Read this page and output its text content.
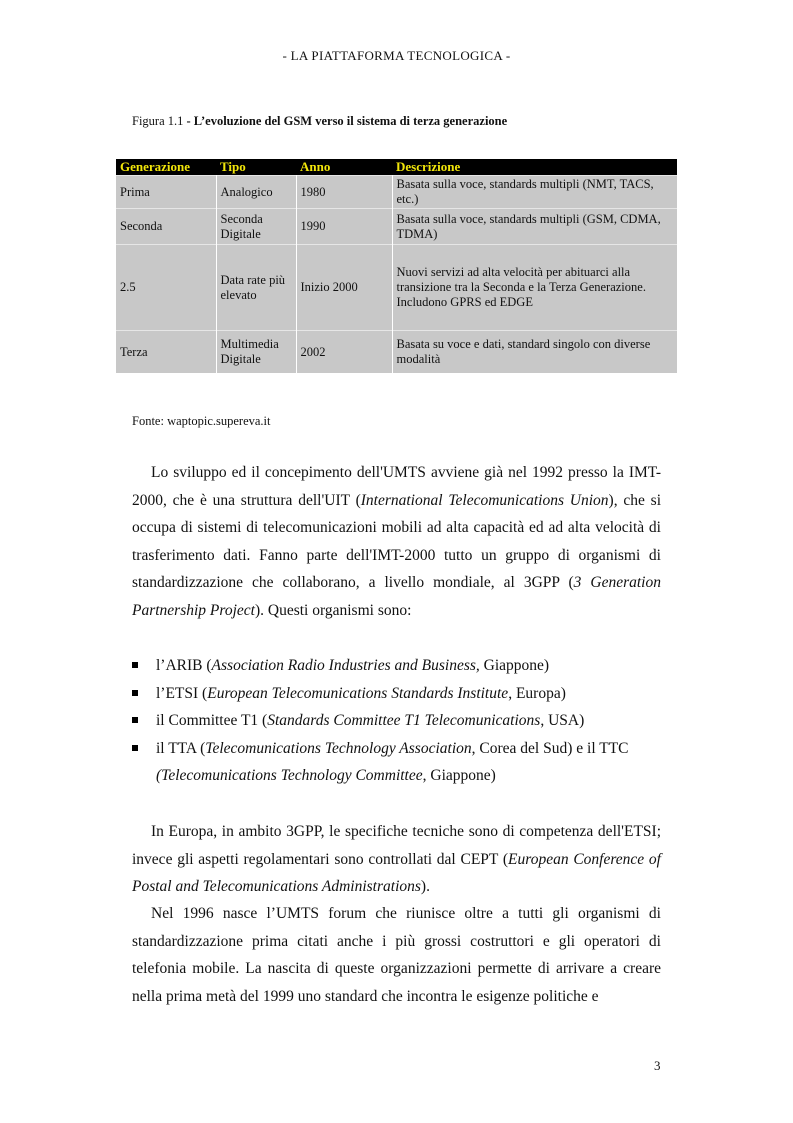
- LA PIATTAFORMA TECNOLOGICA -
Figura 1.1 - L’evoluzione del GSM verso il sistema di terza generazione
Generazione	Tipo	Anno	Descrizione
Prima	Analogico	1980	Basata sulla voce, standards multipli (NMT, TACS, etc.)
Seconda	Seconda Digitale	1990	Basata sulla voce, standards multipli (GSM, CDMA, TDMA)
2.5	Data rate più elevato	Inizio 2000	Nuovi servizi ad alta velocità per abituarci alla transizione tra la Seconda e la Terza Generazione. Includono GPRS ed EDGE
Terza	Multimedia Digitale	2002	Basata su voce e dati, standard singolo con diverse modalità
Fonte: waptopic.supereva.it
Lo sviluppo ed il concepimento dell'UMTS avviene già nel 1992 presso la IMT-2000, che è una struttura dell'UIT (International Telecomunications Union), che si occupa di sistemi di telecomunicazioni mobili ad alta capacità ed ad alta velocità di trasferimento dati. Fanno parte dell'IMT-2000 tutto un gruppo di organismi di standardizzazione che collaborano, a livello mondiale, al 3GPP (3 Generation Partnership Project). Questi organismi sono:
l’ARIB (Association Radio Industries and Business, Giappone)
l’ETSI (European Telecomunications Standards Institute, Europa)
il Committee T1 (Standards Committee T1 Telecomunications, USA)
il TTA (Telecomunications Technology Association, Corea del Sud) e il TTC
(Telecomunications Technology Committee, Giappone)
In Europa, in ambito 3GPP, le specifiche tecniche sono di competenza dell'ETSI; invece gli aspetti regolamentari sono controllati dal CEPT (European Conference of Postal and Telecomunications Administrations).
Nel 1996 nasce l’UMTS forum che riunisce oltre a tutti gli organismi di standardizzazione prima citati anche i più grossi costruttori e gli operatori di telefonia mobile. La nascita di queste organizzazioni permette di arrivare a creare nella prima metà del 1999 uno standard che incontra le esigenze politiche e
3
